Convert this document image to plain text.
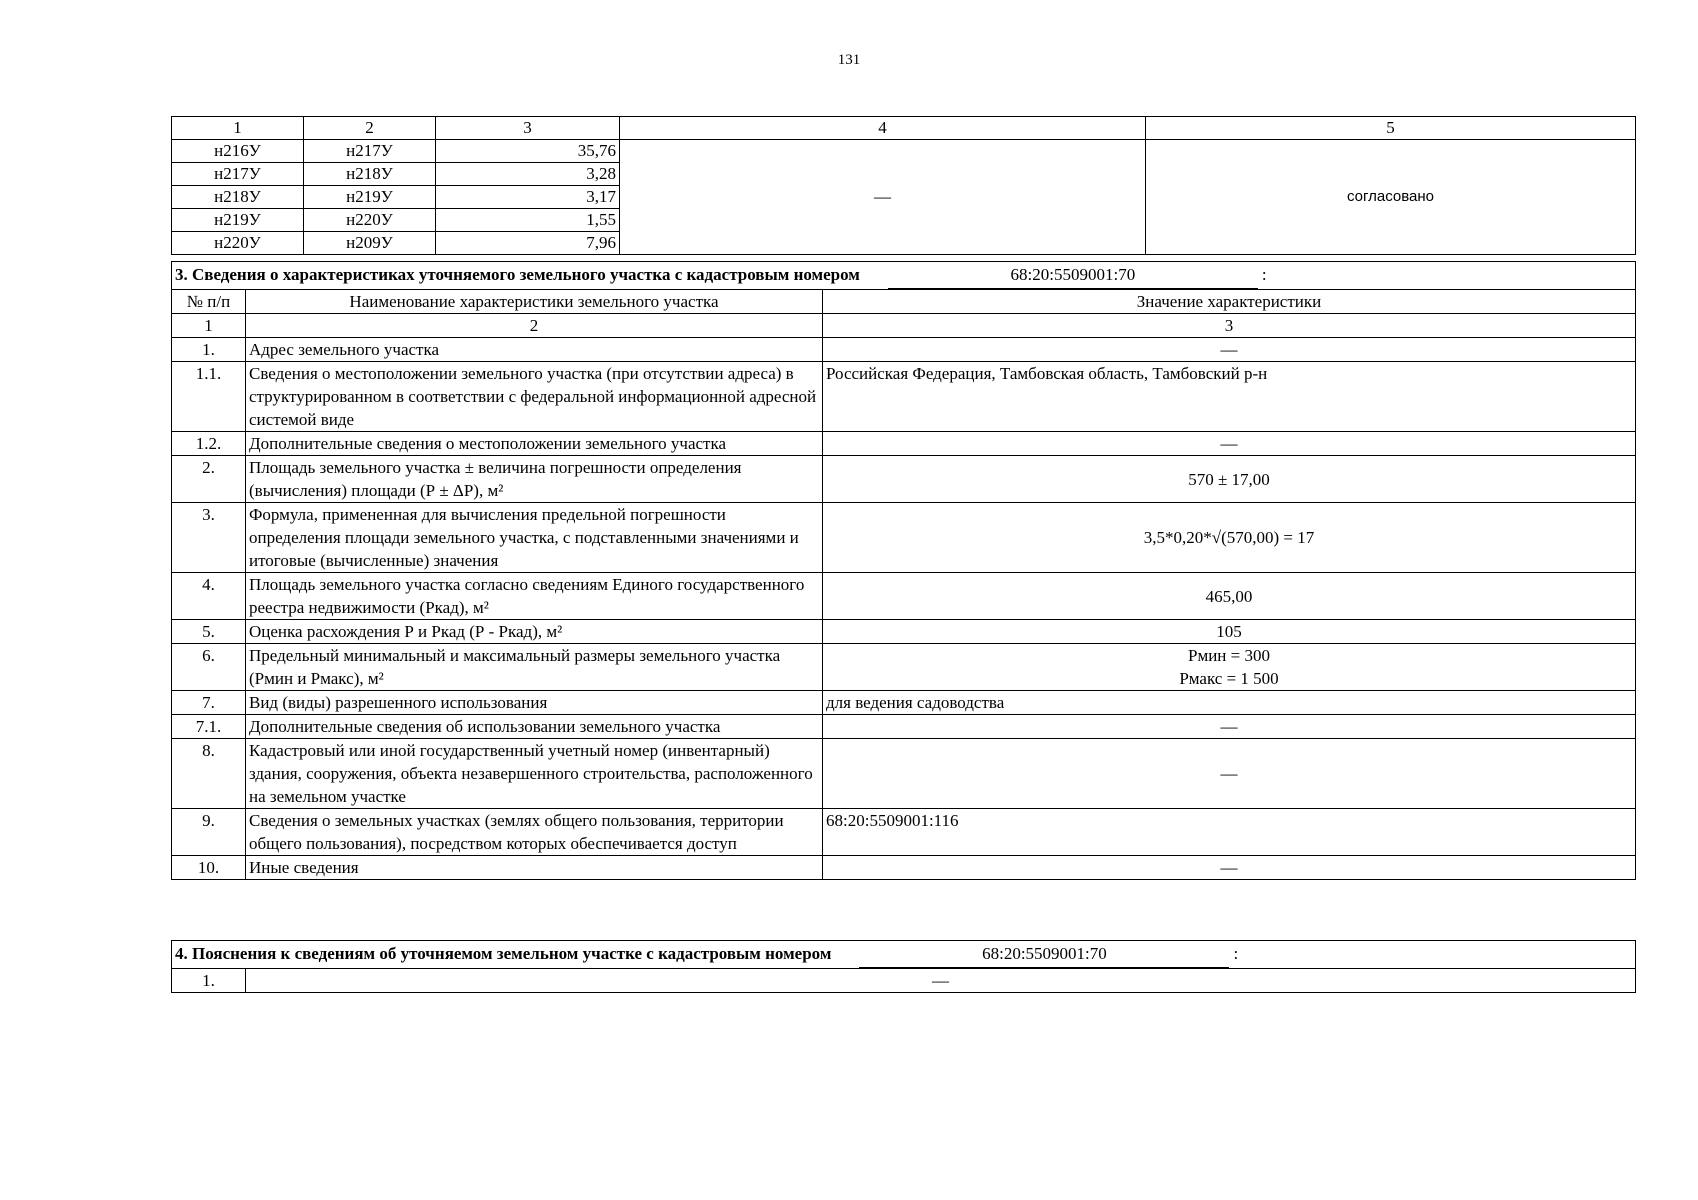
131
1	2	3	4	5
н216У	н217У	35,76	—	согласовано
н217У	н218У	3,28		
н218У	н219У	3,17		
н219У	н220У	1,55		
н220У	н209У	7,96		
3. Сведения о характеристиках уточняемого земельного участка с кадастровым номером 68:20:5509001:70 :		
№ п/п	Наименование характеристики земельного участка	Значение характеристики
1	2	3
1.	Адрес земельного участка	—
1.1.	Сведения о местоположении земельного участка (при отсутствии адреса) в структурированном в соответствии с федеральной информационной адресной системой виде	Российская Федерация, Тамбовская область, Тамбовский р-н
1.2.	Дополнительные сведения о местоположении земельного участка	—
2.	Площадь земельного участка ± величина погрешности определения (вычисления) площади (Р ± ΔР), м²	570 ± 17,00
3.	Формула, примененная для вычисления предельной погрешности определения площади земельного участка, с подставленными значениями и итоговые (вычисленные) значения	3,5*0,20*√(570,00) = 17
4.	Площадь земельного участка согласно сведениям Единого государственного реестра недвижимости (Ркад), м²	465,00
5.	Оценка расхождения Р и Ркад (Р - Ркад), м²	105
6.	Предельный минимальный и максимальный размеры земельного участка (Рмин и Рмакс), м²	Рмин = 300
Рмакс = 1 500

7.	Вид (виды) разрешенного использования	для ведения садоводства
7.1.	Дополнительные сведения об использовании земельного участка	—
8.	Кадастровый или иной государственный учетный номер (инвентарный) здания, сооружения, объекта незавершенного строительства, расположенного на земельном участке	—
9.	Сведения о земельных участках (землях общего пользования, территории общего пользования), посредством которых обеспечивается доступ	68:20:5509001:116
10.	Иные сведения	—
4. Пояснения к сведениям об уточняемом земельном участке с кадастровым номером	68:20:5509001:70	:
1.	—
